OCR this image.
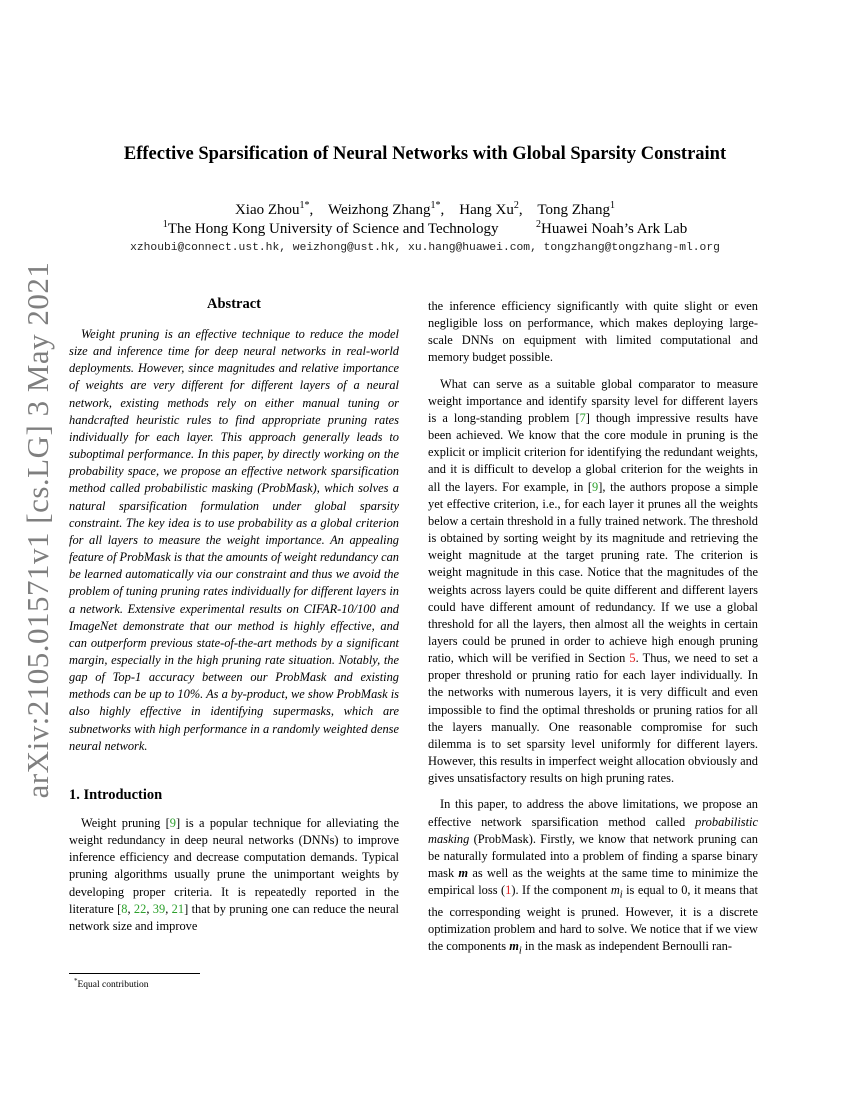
arXiv:2105.01571v1 [cs.LG] 3 May 2021
Effective Sparsification of Neural Networks with Global Sparsity Constraint
Xiao Zhou$^{1*}$,    Weizhong Zhang$^{1*}$,    Hang Xu$^2$,    Tong Zhang$^1$
$^1$The Hong Kong University of Science and Technology	$^2$Huawei Noah’s Ark Lab
xzhoubi@connect.ust.hk, weizhong@ust.hk, xu.hang@huawei.com, tongzhang@tongzhang-ml.org
Abstract

Weight pruning is an effective technique to reduce the model size and inference time for deep neural networks in real-world deployments. However, since magnitudes and relative importance of weights are very different for different layers of a neural network, existing methods rely on either manual tuning or handcrafted heuristic rules to find appropriate pruning rates individually for each layer. This approach generally leads to suboptimal performance. In this paper, by directly working on the probability space, we propose an effective network sparsification method called probabilistic masking (ProbMask), which solves a natural sparsification formulation under global sparsity constraint. The key idea is to use probability as a global criterion for all layers to measure the weight importance. An appealing feature of ProbMask is that the amounts of weight redundancy can be learned automatically via our constraint and thus we avoid the problem of tuning pruning rates individually for different layers in a network. Extensive experimental results on CIFAR-10/100 and ImageNet demonstrate that our method is highly effective, and can outperform previous state-of-the-art methods by a significant margin, especially in the high pruning rate situation. Notably, the gap of Top-1 accuracy between our ProbMask and existing methods can be up to 10%. As a by-product, we show ProbMask is also highly effective in identifying supermasks, which are subnetworks with high performance in a randomly weighted dense neural network.

1. Introduction

Weight pruning [9] is a popular technique for alleviating the weight redundancy in deep neural networks (DNNs) to improve inference efficiency and decrease computation demands. Typical pruning algorithms usually prune the unimportant weights by developing proper criteria. It is repeatedly reported in the literature [8, 22, 39, 21] that by pruning one can reduce the neural network size and improve

the inference efficiency significantly with quite slight or even negligible loss on performance, which makes deploying large-scale DNNs on equipment with limited computational and memory budget possible.

What can serve as a suitable global comparator to measure weight importance and identify sparsity level for different layers is a long-standing problem [7] though impressive results have been achieved. We know that the core module in pruning is the explicit or implicit criterion for identifying the redundant weights, and it is difficult to develop a global criterion for the weights in all the layers. For example, in [9], the authors propose a simple yet effective criterion, i.e., for each layer it prunes all the weights below a certain threshold in a fully trained network. The threshold is obtained by sorting weight by its magnitude and retrieving the weight magnitude at the target pruning rate. The criterion is weight magnitude in this case. Notice that the magnitudes of the weights across layers could be quite different and different layers could have different amount of redundancy. If we use a global threshold for all the layers, then almost all the weights in certain layers could be pruned in order to achieve high enough pruning ratio, which will be verified in Section 5. Thus, we need to set a proper threshold or pruning ratio for each layer individually. In the networks with numerous layers, it is very difficult and even impossible to find the optimal thresholds or pruning ratios for all the layers manually. One reasonable compromise for such dilemma is to set sparsity level uniformly for different layers. However, this results in imperfect weight allocation obviously and gives unsatisfactory results on high pruning rates.

In this paper, to address the above limitations, we propose an effective network sparsification method called probabilistic masking (ProbMask). Firstly, we know that network pruning can be naturally formulated into a problem of finding a sparse binary mask m as well as the weights at the same time to minimize the empirical loss (1). If the component $m_i$ is equal to 0, it means that the corresponding weight is pruned. However, it is a discrete optimization problem and hard to solve. We notice that if we view the components $m_i$ in the mask as independent Bernoulli ran-

*Equal contribution
